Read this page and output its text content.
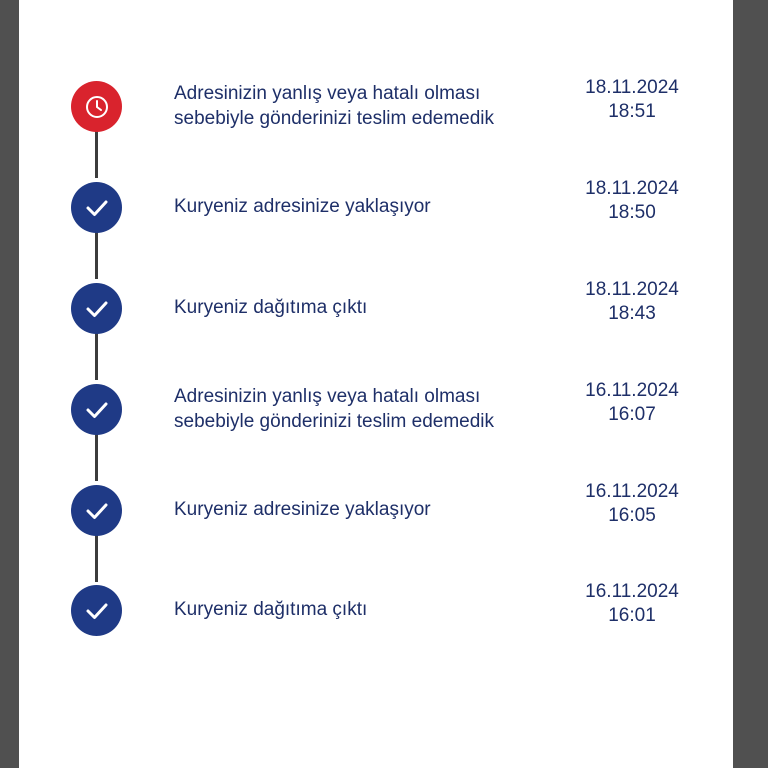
Adresinizin yanlış veya hatalı olması
sebebiyle gönderinizi teslim edemedik
18.11.2024
18:51
Kuryeniz adresinize yaklaşıyor
18.11.2024
18:50
Kuryeniz dağıtıma çıktı
18.11.2024
18:43
Adresinizin yanlış veya hatalı olması
sebebiyle gönderinizi teslim edemedik
16.11.2024
16:07
Kuryeniz adresinize yaklaşıyor
16.11.2024
16:05
Kuryeniz dağıtıma çıktı
16.11.2024
16:01
